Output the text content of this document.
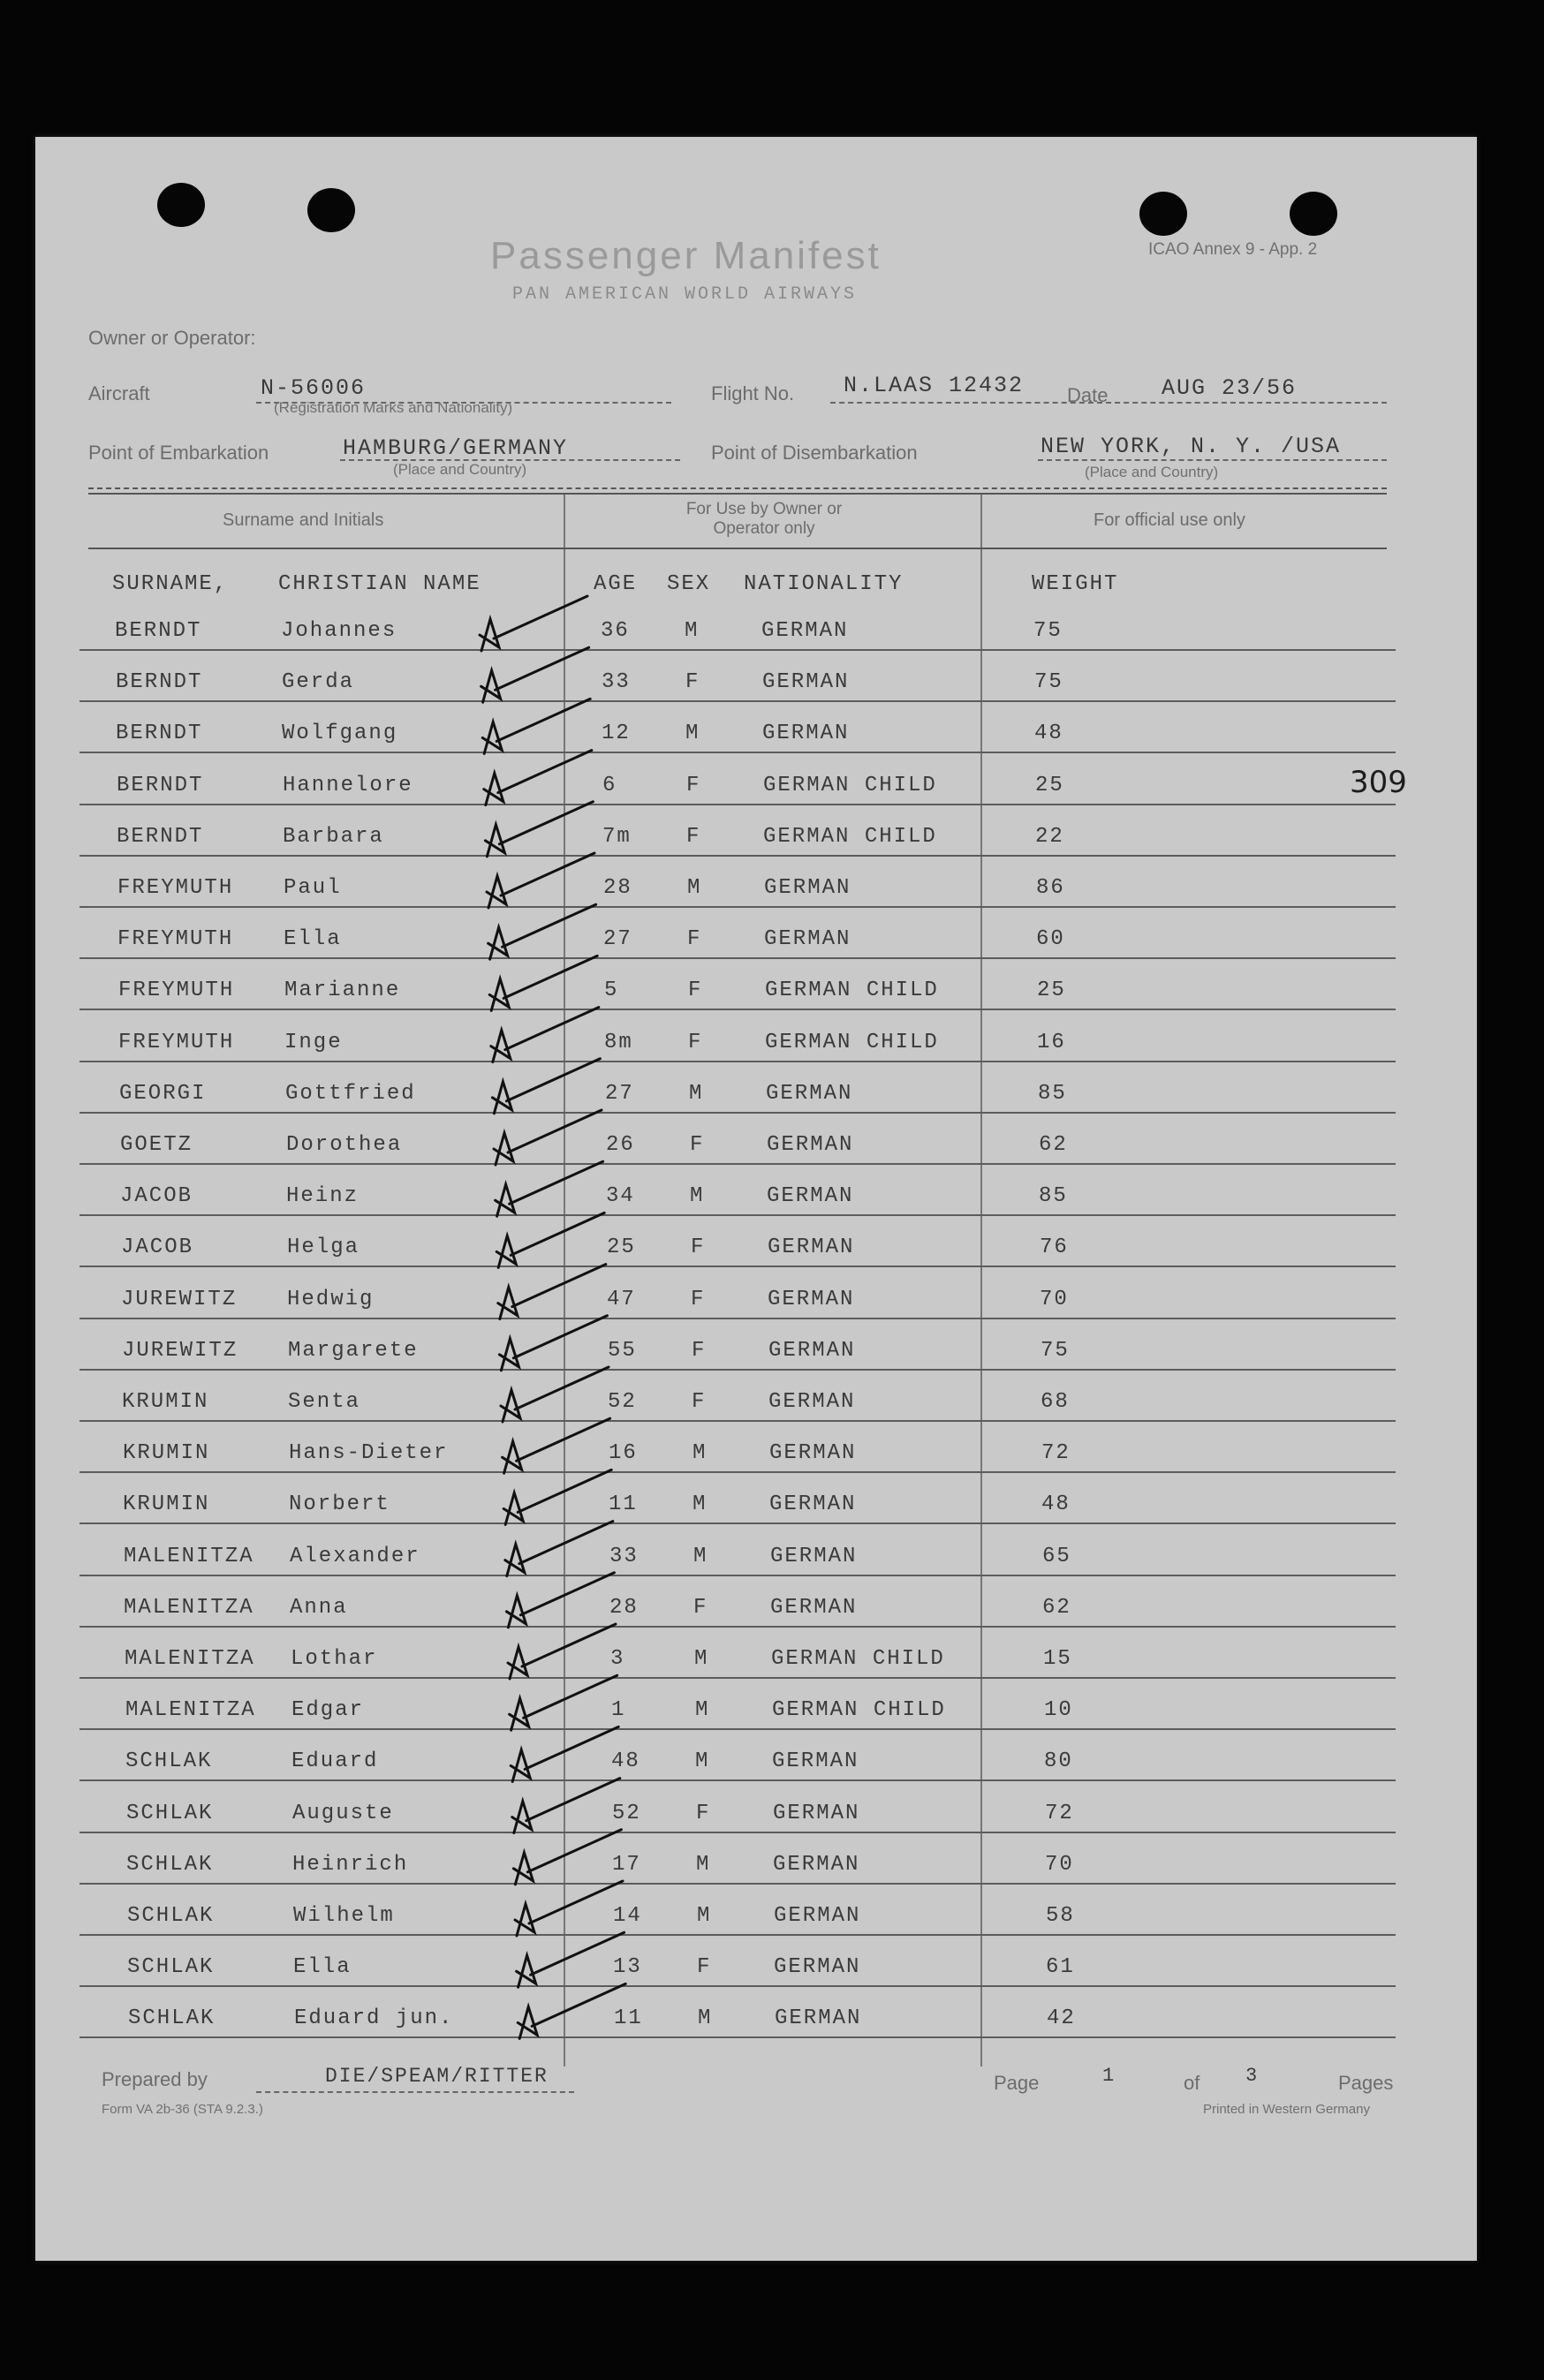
Passenger Manifest
PAN AMERICAN WORLD AIRWAYS
ICAO Annex 9 - App. 2
Owner or Operator:
Aircraft	N-56006
(Registration Marks and Nationality)
Flight No. N.LAAS 12432 Date AUG 23/56
Point of Embarkation	HAMBURG/GERMANY
(Place and Country)
Point of Disembarkation	NEW YORK, N. Y. /USA
(Place and Country)
Surname and Initials
For Use by Owner or Operator only	For official use only
SURNAME, CHRISTIAN NAME	AGE SEX NATIONALITY	WEIGHT
309
BERNDT	Johannes	36	M	GERMAN	75
BERNDT	Gerda	33	F	GERMAN	75
BERNDT	Wolfgang	12	M	GERMAN	48
BERNDT	Hannelore	6	F	GERMAN CHILD	25
BERNDT	Barbara	7m	F	GERMAN CHILD	22
FREYMUTH Paul	28	M	GERMAN	86
FREYMUTH Ella	27	F	GERMAN	60
FREYMUTH Marianne	5	F	GERMAN CHILD	25
FREYMUTH Inge	8m	F	GERMAN CHILD	16
GEORGI	Gottfried	27	M	GERMAN	85
GOETZ	Dorothea	26	F	GERMAN	62
JACOB	Heinz	34	M	GERMAN	85
JACOB	Helga	25	F	GERMAN	76
JUREWITZ Hedwig	47	F	GERMAN	70
JUREWITZ Margarete	55	F	GERMAN	75
KRUMIN	Senta	52	F	GERMAN	68
KRUMIN	Hans-Dieter	16	M	GERMAN	72
KRUMIN	Norbert	11	M	GERMAN	48
MALENITZA Alexander	33	M	GERMAN	65
MALENITZA Anna	28	F	GERMAN	62
MALENITZA Lothar	3	M	GERMAN CHILD	15
MALENITZA Edgar	1	M	GERMAN CHILD	10
SCHLAK	Eduard	48	M	GERMAN	80
SCHLAK	Auguste	52	F	GERMAN	72
SCHLAK	Heinrich	17	M	GERMAN	70
SCHLAK	Wilhelm	14	M	GERMAN	58
SCHLAK	Ella	13	F	GERMAN	61
SCHLAK	Eduard jun.	11	M	GERMAN	42
Prepared by	DIE/SPEAM/RITTER	Page	1	of 3	Pages
Form VA 2b-36 (STA 9.2.3.)	Printed in Western Germany
